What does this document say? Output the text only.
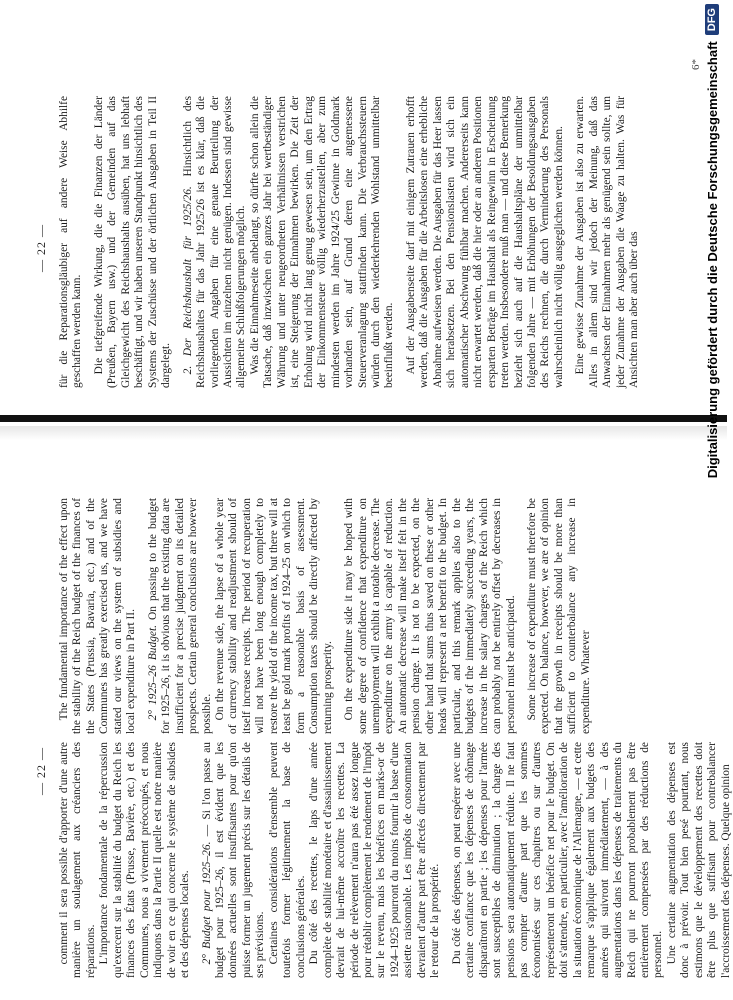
— 22 —
— 22 —

comment il sera possible d'apporter d'une autre manière un soulagement aux créanciers des réparations. L'importance fondamentale de la répercussion qu'exercent sur la stabilité du budget du Reich les finances des États (Prusse, Bavière, etc.) et des Communes, nous a vivement préoccupés, et nous indiquons dans la Partie II quelle est notre manière de voir en ce qui concerne le système de subsides et des dépenses locales. 2° Budget pour 1925–26. — Si l'on passe au budget pour 1925–26, il est évident que les données actuelles sont insuffisantes pour qu'on puisse former un jugement précis sur les détails de ses prévisions. Certaines considérations d'ensemble peuvent toutefois former légitimement la base de conclusions générales. Du côté des recettes, le laps d'une année complète de stabilité monétaire et d'assainissement devrait de lui-même accroître les recettes. La période de relèvement n'aura pas été assez longue pour rétablir complètement le rendement de l'impôt sur le revenu, mais les bénéfices en marks-or de 1924–1925 pourront du moins fournir la base d'une assiette raisonnable. Les impôts de consommation devraient d'autre part être affectés directement par le retour de la prospérité. Du côté des dépenses, on peut espérer avec une certaine confiance que les dépenses de chômage disparaîtront en partie ; les dépenses pour l'armée sont susceptibles de diminution ; la charge des pensions sera automatiquement réduite. Il ne faut pas compter d'autre part que les sommes économisées sur ces chapitres ou sur d'autres représenteront un bénéfice net pour le budget. On doit s'attendre, en particulier, avec l'amélioration de la situation économique de l'Allemagne, — et cette remarque s'applique également aux budgets des années qui suivront immédiatement, — à des augmentations dans les dépenses de traitements du Reich qui ne pourront probablement pas être entièrement compensées par des réductions de personnel. Une certaine augmentation des dépenses est donc à prévoir. Tout bien pesé pourtant, nous estimons que le développement des recettes doit être plus que suffisant pour contrebalancer l'accroissement des dépenses. Quelque opinion

The fundamental importance of the effect upon the stability of the Reich budget of the finances of the States (Prussia, Bavaria, etc.) and of the Communes has greatly exercised us, and we have stated our views on the system of subsidies and local expenditure in Part II. 2° 1925–26 Budget. On passing to the budget for 1925–26, it is obvious that the existing data are insufficient for a precise judgment on its detailed prospects. Certain general conclusions are however possible. On the revenue side, the lapse of a whole year of currency stability and readjustment should of itself increase receipts. The period of recuperation will not have been long enough completely to restore the yield of the income tax, but there will at least be gold mark profits of 1924–25 on which to form a reasonable basis of assessment. Consumption taxes should be directly affected by returning prosperity. On the expenditure side it may be hoped with some degree of confidence that expenditure on unemployment will exhibit a notable decrease. The expenditure on the army is capable of reduction. An automatic decrease will make itself felt in the pension charge. It is not to be expected, on the other hand that sums thus saved on these or other heads will represent a net benefit to the budget. In particular, and this remark applies also to the budgets of the immediately succeeding years, the increase in the salary charges of the Reich which can probably not be entirely offset by decreases in personnel must be anticipated. Some increase of expenditure must therefore be expected. On balance, however, we are of opinion that the growth in receipts should be more than sufficient to counterbalance any increase in expenditure. Whatever

für die Reparationsgläubiger auf andere Weise Abhilfe geschaffen werden kann. Die tiefgreifende Wirkung, die die Finanzen der Länder (Preußen, Bayern usw.) und der Gemeinden auf das Gleichgewicht des Reichshaushalts ausüben, hat uns lebhaft beschäftigt, und wir haben unseren Standpunkt hinsichtlich des Systems der Zuschüsse und der örtlichen Ausgaben in Teil II dargelegt. 2. Der Reichshaushalt für 1925/26. Hinsichtlich des Reichshaushaltes für das Jahr 1925/26 ist es klar, daß die vorliegenden Angaben für eine genaue Beurteilung der Aussichten im einzelnen nicht genügen. Indessen sind gewisse allgemeine Schlußfolgerungen möglich. Was die Einnahmeseite anbelangt, so dürfte schon allein die Tatsache, daß inzwischen ein ganzes Jahr bei wertbeständiger Währung und unter neugeordneten Verhältnissen verstrichen ist, eine Steigerung der Einnahmen bewirken. Die Zeit der Erholung wird nicht lang genug gewesen sein, um den Ertrag der Einkommensteuer völlig wiederherzustellen, aber zum mindesten werden im Jahre 1924/25 Gewinne in Goldmark vorhanden sein, auf Grund deren eine angemessene Steuerveranlagung stattfinden kann. Die Verbrauchssteuern würden durch den wiederkehrenden Wohlstand unmittelbar beeinflußt werden. Auf der Ausgabenseite darf mit einigem Zutrauen erhofft werden, daß die Ausgaben für die Arbeitslosen eine erhebliche Abnahme aufweisen werden. Die Ausgaben für das Heer lassen sich herabsetzen. Bei den Pensionslasten wird sich ein automatischer Abschwung fühlbar machen. Andererseits kann nicht erwartet werden, daß die hier oder an anderen Positionen ersparten Beträge im Haushalt als Reingewinn in Erscheinung treten werden. Insbesondere muß man — und diese Bemerkung bezieht sich auch auf die Haushaltspläne der unmittelbar folgenden Jahre — mit Erhöhungen der Besoldungsausgaben des Reichs rechnen, die durch Verminderung des Personals wahrscheinlich nicht völlig ausgeglichen werden können. Eine gewisse Zunahme der Ausgaben ist also zu erwarten. Alles in allem sind wir jedoch der Meinung, daß das Anwachsen der Einnahmen mehr als genügend sein sollte, um jeder Zunahme der Ausgaben die Waage zu halten. Was für Ansichten man aber auch über das

6* Digitalisierung gefördert durch die Deutsche Forschungsgemeinschaft
DFG
